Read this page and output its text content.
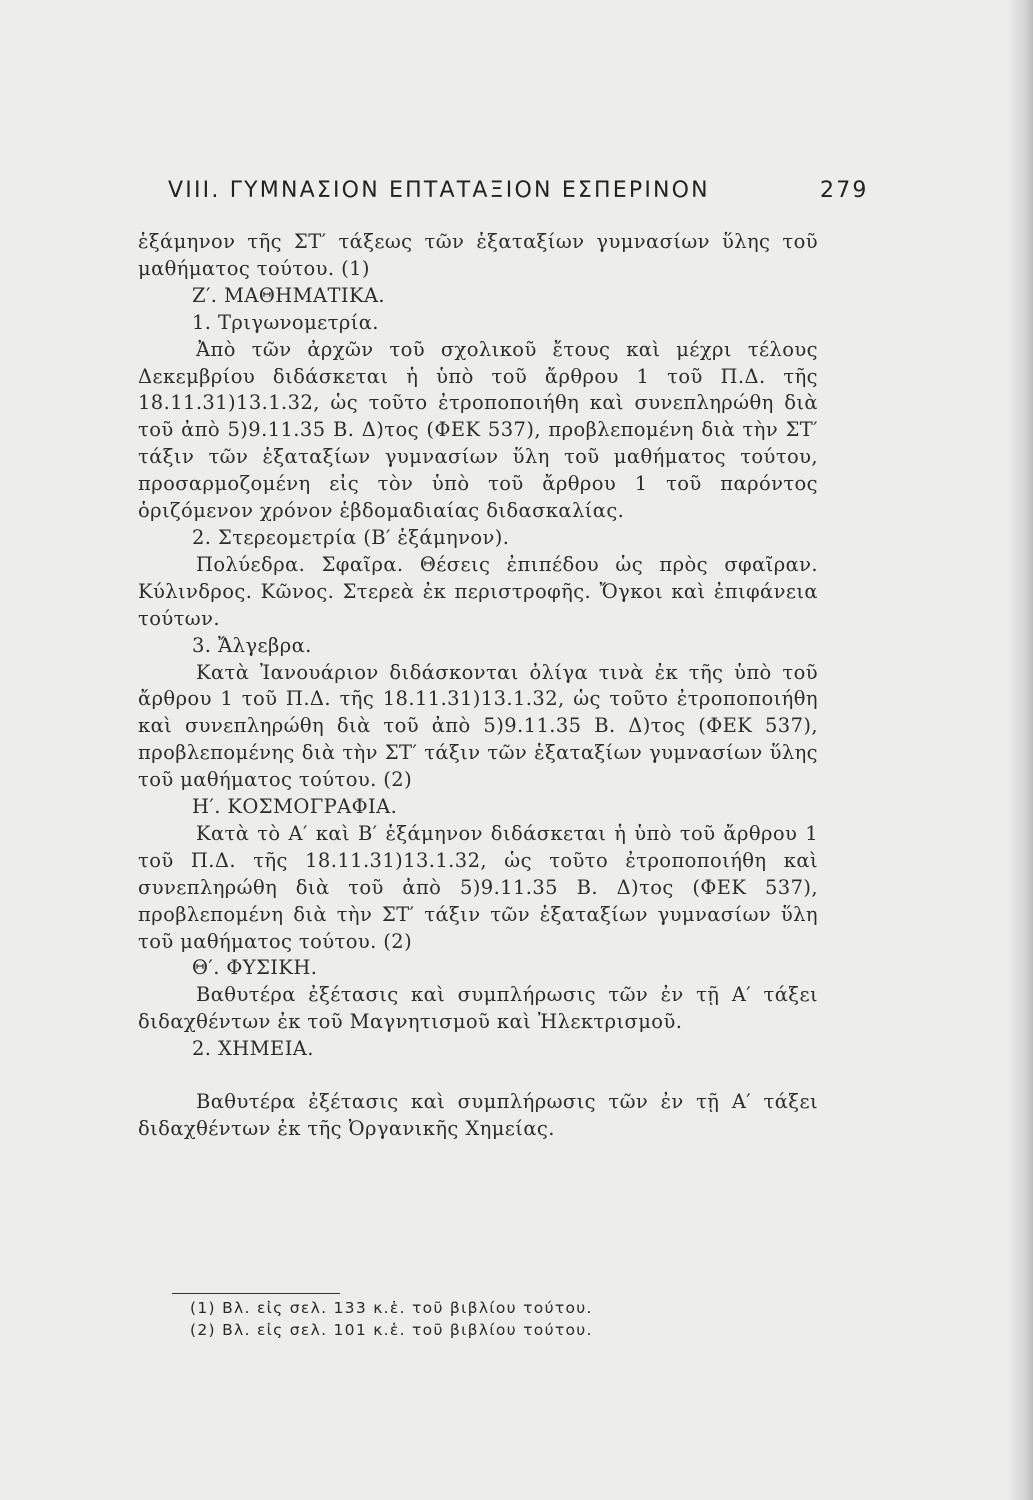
VIII. ΓΥΜΝΑΣΙΟΝ ΕΠΤΑΤΑΞΙΟΝ ΕΣΠΕΡΙΝΟΝ	279

ἑξάμηνον τῆς ΣΤ′ τάξεως τῶν ἑξαταξίων γυμνασίων ὕλης τοῦ μαθήματος τούτου. (1)

Ζ′. ΜΑΘΗΜΑΤΙΚΑ.

1. Τριγωνομετρία.

Ἀπὸ τῶν ἀρχῶν τοῦ σχολικοῦ ἔτους καὶ μέχρι τέλους Δεκεμβρίου διδάσκεται ἡ ὑπὸ τοῦ ἄρθρου 1 τοῦ Π.Δ. τῆς 18.11.31)13.1.32, ὡς τοῦτο ἐτροποποιήθη καὶ συνεπληρώθη διὰ τοῦ ἀπὸ 5)9.11.35 Β. Δ)τος (ΦΕΚ 537), προβλεπομένη διὰ τὴν ΣΤ′ τάξιν τῶν ἑξαταξίων γυμνασίων ὕλη τοῦ μαθήματος τούτου, προσαρμοζομένη εἰς τὸν ὑπὸ τοῦ ἄρθρου 1 τοῦ παρόντος ὁριζόμενον χρόνον ἑβδομαδιαίας διδασκαλίας.

2. Στερεομετρία (Β′ ἑξάμηνον).

Πολύεδρα. Σφαῖρα. Θέσεις ἐπιπέδου ὡς πρὸς σφαῖραν. Κύλινδρος. Κῶνος. Στερεὰ ἐκ περιστροφῆς. Ὄγκοι καὶ ἐπιφάνεια τούτων.

3. Ἄλγεβρα.

Κατὰ Ἰανουάριον διδάσκονται ὀλίγα τινὰ ἐκ τῆς ὑπὸ τοῦ ἄρθρου 1 τοῦ Π.Δ. τῆς 18.11.31)13.1.32, ὡς τοῦτο ἐτροποποιήθη καὶ συνεπληρώθη διὰ τοῦ ἀπὸ 5)9.11.35 Β. Δ)τος (ΦΕΚ 537), προβλεπομένης διὰ τὴν ΣΤ′ τάξιν τῶν ἑξαταξίων γυμνασίων ὕλης τοῦ μαθήματος τούτου. (2)

Η′. ΚΟΣΜΟΓΡΑΦΙΑ.

Κατὰ τὸ Α′ καὶ Β′ ἑξάμηνον διδάσκεται ἡ ὑπὸ τοῦ ἄρθρου 1 τοῦ Π.Δ. τῆς 18.11.31)13.1.32, ὡς τοῦτο ἐτροποποιήθη καὶ συνεπληρώθη διὰ τοῦ ἀπὸ 5)9.11.35 Β. Δ)τος (ΦΕΚ 537), προβλεπομένη διὰ τὴν ΣΤ′ τάξιν τῶν ἑξαταξίων γυμνασίων ὕλη τοῦ μαθήματος τούτου. (2)

Θ′. ΦΥΣΙΚΗ.

Βαθυτέρα ἐξέτασις καὶ συμπλήρωσις τῶν ἐν τῇ Α′ τάξει διδαχθέντων ἐκ τοῦ Μαγνητισμοῦ καὶ Ἠλεκτρισμοῦ.

2. ΧΗΜΕΙΑ.

Βαθυτέρα ἐξέτασις καὶ συμπλήρωσις τῶν ἐν τῇ Α′ τάξει διδαχθέντων ἐκ τῆς Ὀργανικῆς Χημείας.

(1) Βλ. εἰς σελ. 133 κ.ἑ. τοῦ βιβλίου τούτου.

(2) Βλ. εἰς σελ. 101 κ.ἑ. τοῦ βιβλίου τούτου.
